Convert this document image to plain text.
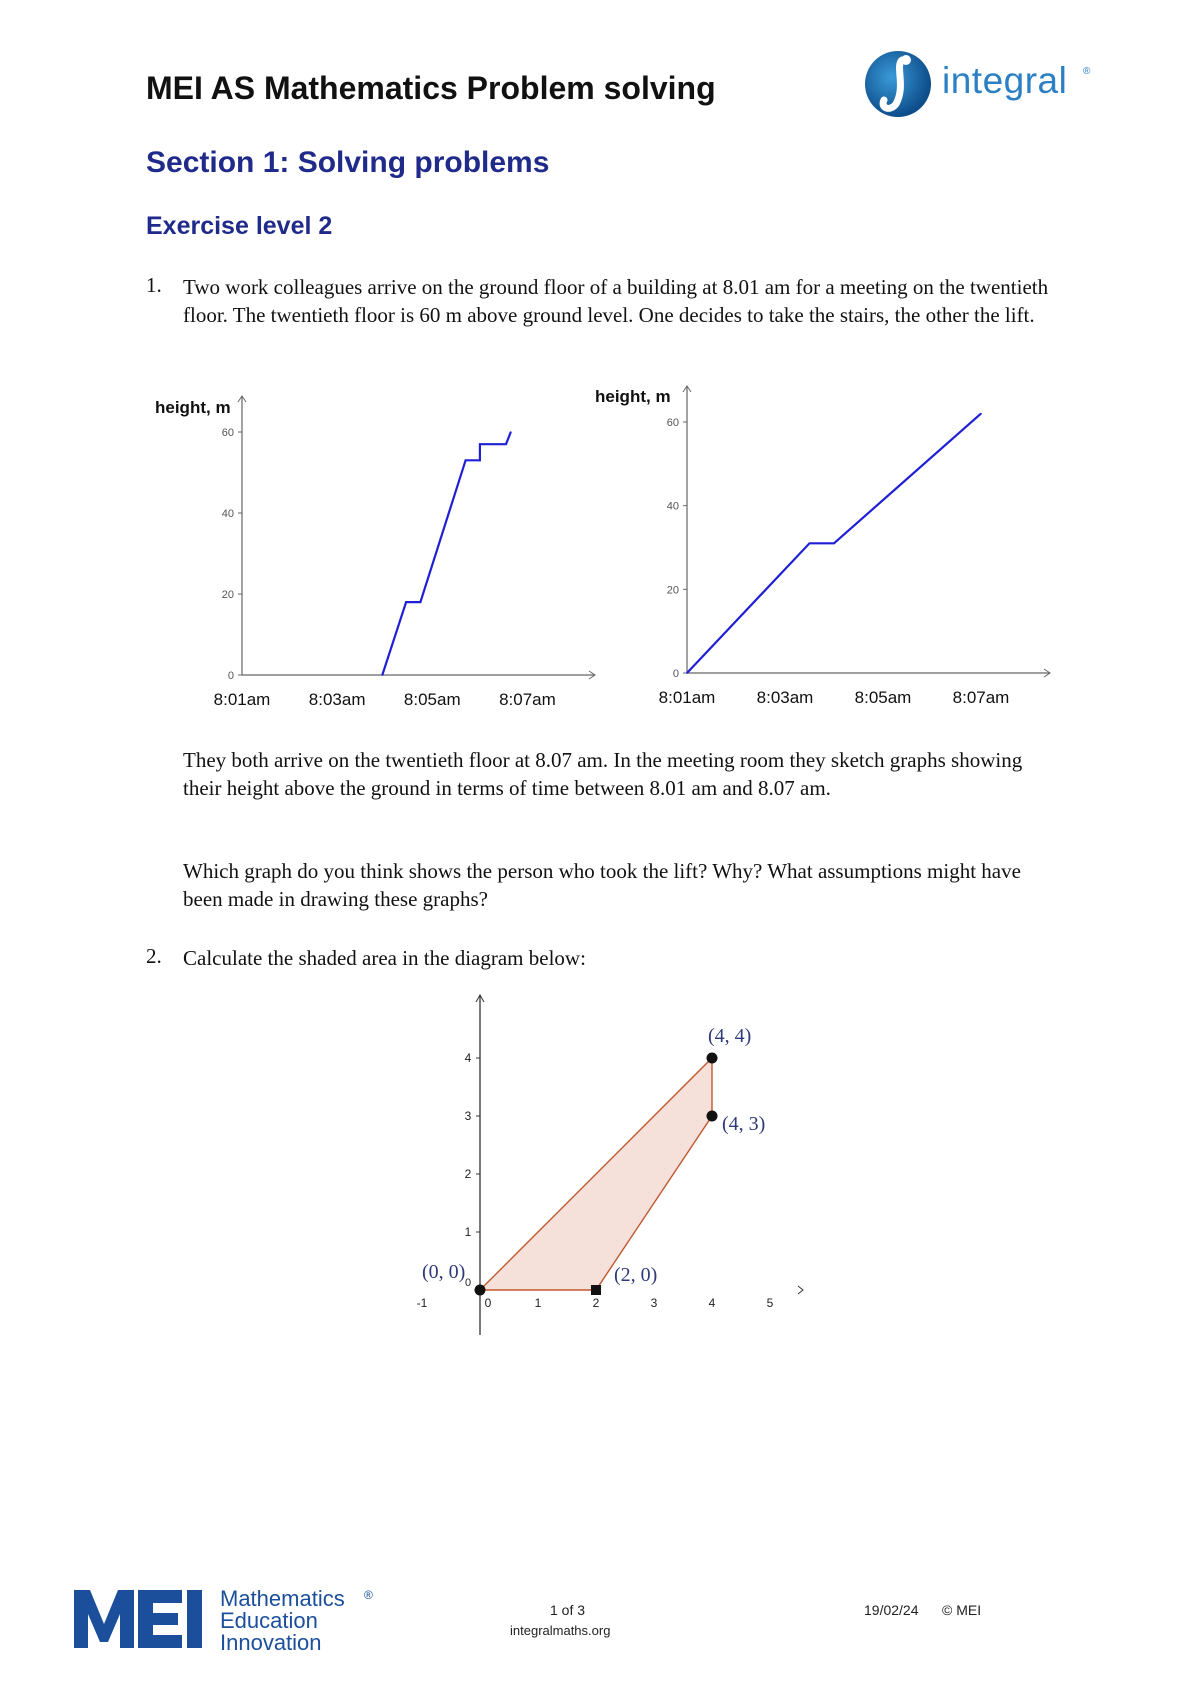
MEI AS Mathematics Problem solving	integral ®
Section 1: Solving problems
Exercise level 2
1. Two work colleagues arrive on the ground floor of a building at 8.01 am for a meeting on the twentieth floor. The twentieth floor is 60 m above ground level. One decides to take the stairs, the other the lift.
0
20
40
60
8:01am 8:03am 8:05am 8:07am
height, m
0
20
40
60
8:01am 8:03am 8:05am 8:07am
height, m
They both arrive on the twentieth floor at 8.07 am. In the meeting room they sketch graphs showing their height above the ground in terms of time between 8.01 am and 8.07 am.
Which graph do you think shows the person who took the lift? Why? What assumptions might have been made in drawing these graphs?
2. Calculate the shaded area in the diagram below:
-1	0	1	2	3	4	5
0
1
2
3
4
(0, 0)
(4, 4)
(4, 3)
(2, 0)
Mathematics
Education
Innovation
®
1 of 3
integralmaths.org
19/02/24 © MEI
